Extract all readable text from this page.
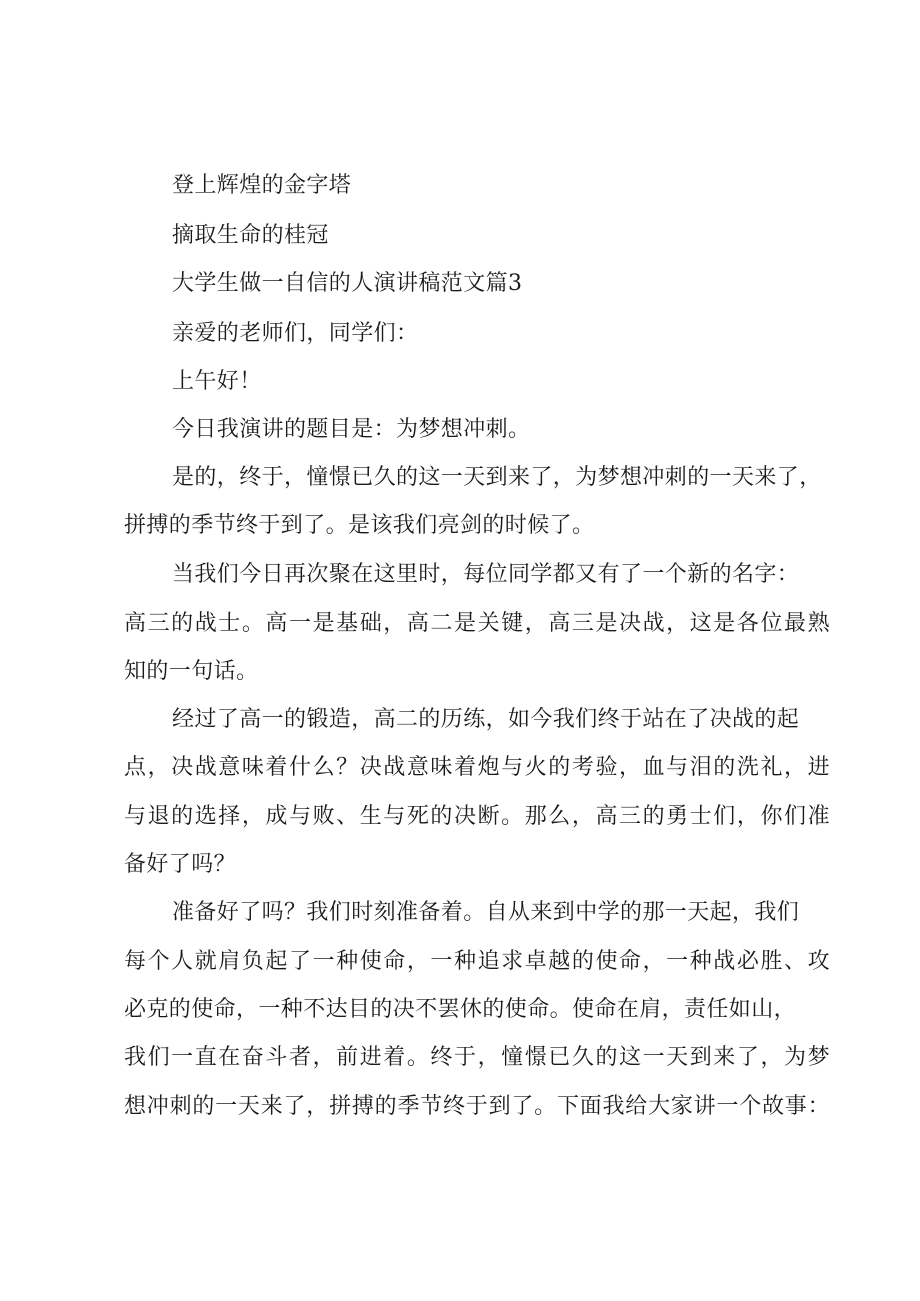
登上辉煌的金字塔
摘取生命的桂冠
大学生做一自信的人演讲稿范文篇3
亲爱的老师们，同学们：
上午好！
今日我演讲的题目是：为梦想冲刺。
是的，终于，憧憬已久的这一天到来了，为梦想冲刺的一天来了，
拼搏的季节终于到了。是该我们亮剑的时候了。
当我们今日再次聚在这里时，每位同学都又有了一个新的名字：
高三的战士。高一是基础，高二是关键，高三是决战，这是各位最熟
知的一句话。
经过了高一的锻造，高二的历练，如今我们终于站在了决战的起
点，决战意味着什么？决战意味着炮与火的考验，血与泪的洗礼，进
与退的选择，成与败、生与死的决断。那么，高三的勇士们，你们准
备好了吗？
准备好了吗？我们时刻准备着。自从来到中学的那一天起，我们
每个人就肩负起了一种使命，一种追求卓越的使命，一种战必胜、攻
必克的使命，一种不达目的决不罢休的使命。使命在肩，责任如山，
我们一直在奋斗者，前进着。终于，憧憬已久的这一天到来了，为梦
想冲刺的一天来了，拼搏的季节终于到了。下面我给大家讲一个故事：
